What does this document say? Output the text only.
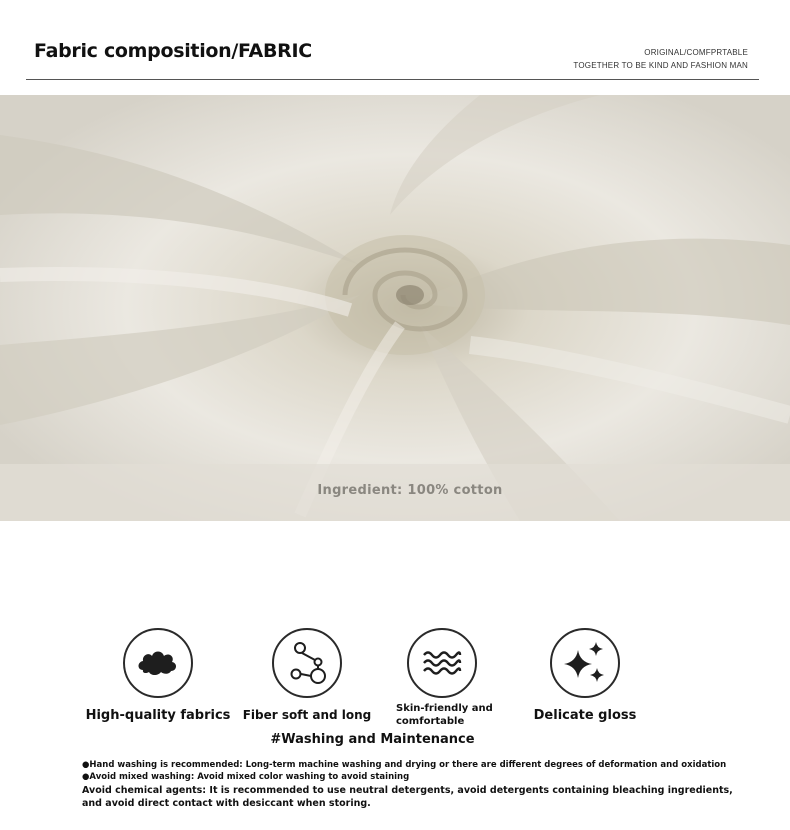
Fabric composition/FABRIC	ORIGINAL/COMFPRTABLE
TOGETHER TO BE KIND AND FASHION MAN
Ingredient: 100% cotton
High-quality fabrics	Fiber soft and long	Skin-friendly and comfortable	Delicate gloss
#Washing and Maintenance
●Hand washing is recommended: Long-term machine washing and drying or there are different degrees of deformation and oxidation ●Avoid mixed washing: Avoid mixed color washing to avoid staining
Avoid chemical agents: It is recommended to use neutral detergents, avoid detergents containing bleaching ingredients, and avoid direct contact with desiccant when storing.
